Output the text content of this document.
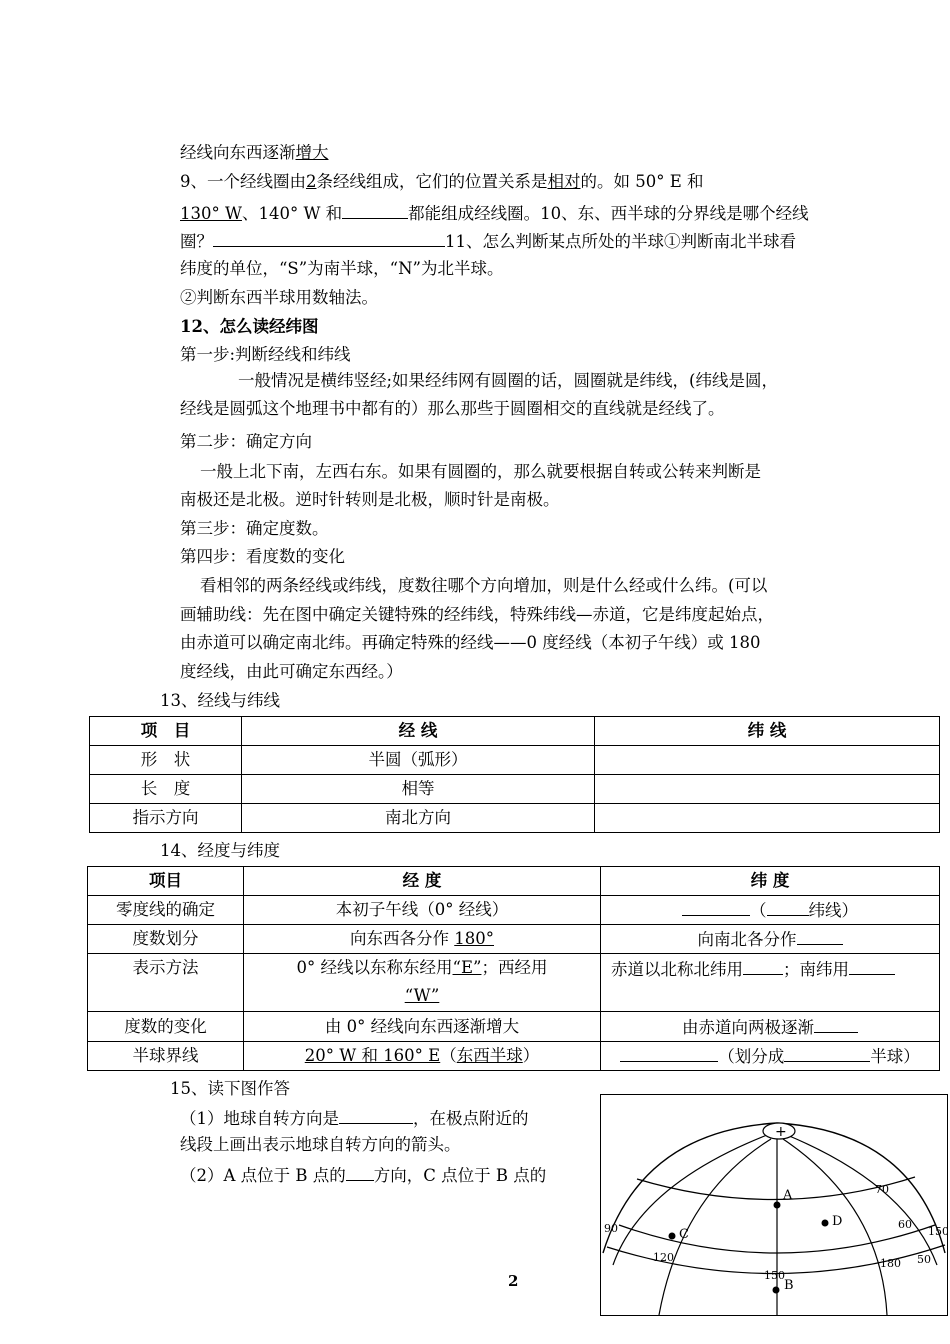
经线向东西逐渐增大
9、一个经线圈由2条经线组成，它们的位置关系是相对的。如 50° E 和
130° W、140° W 和	都能组成经线圈。10、东、西半球的分界线是哪个经线
圈？	11、怎么判断某点所处的半球①判断南北半球看
纬度的单位，“S”为南半球，“N”为北半球。
②判断东西半球用数轴法。
12、怎么读经纬图
第一步:判断经线和纬线
一般情况是横纬竖经;如果经纬网有圆圈的话，圆圈就是纬线，(纬线是圆，
经线是圆弧这个地理书中都有的）那么那些于圆圈相交的直线就是经线了。
第二步：确定方向
一般上北下南，左西右东。如果有圆圈的，那么就要根据自转或公转来判断是
南极还是北极。逆时针转则是北极，顺时针是南极。
第三步：确定度数。
第四步：看度数的变化
看相邻的两条经线或纬线，度数往哪个方向增加，则是什么经或什么纬。(可以
画辅助线：先在图中确定关键特殊的经纬线，特殊纬线—赤道，它是纬度起始点，
由赤道可以确定南北纬。再确定特殊的经线——0 度经线（本初子午线）或 180
度经线，由此可确定东西经。）
13、经线与纬线
项　目	经 线	纬 线
形　状	半圆（弧形）	
长　度	相等	
指示方向	南北方向	
14、经度与纬度
项目	经 度	纬 度
零度线的确定	本初子午线（0° 经线）	（ 纬线）
度数划分	向东西各分作 180°	向南北各分作
表示方法	0° 经线以东称东经用“E”；西经用
“W”	赤道以北称北纬用 ；南纬用
度数的变化	由 0° 经线向东西逐渐增大	由赤道向两极逐渐
半球界线	20° W 和 160° E（东西半球）	（划分成 半球）
15、读下图作答
（1）地球自转方向是	，在极点附近的
线段上画出表示地球自转方向的箭头。
（2）A 点位于 B 点的 方向，C 点位于 B 点的
+
A
D
C
B
70
60
150
50
90
120	180
150
2
